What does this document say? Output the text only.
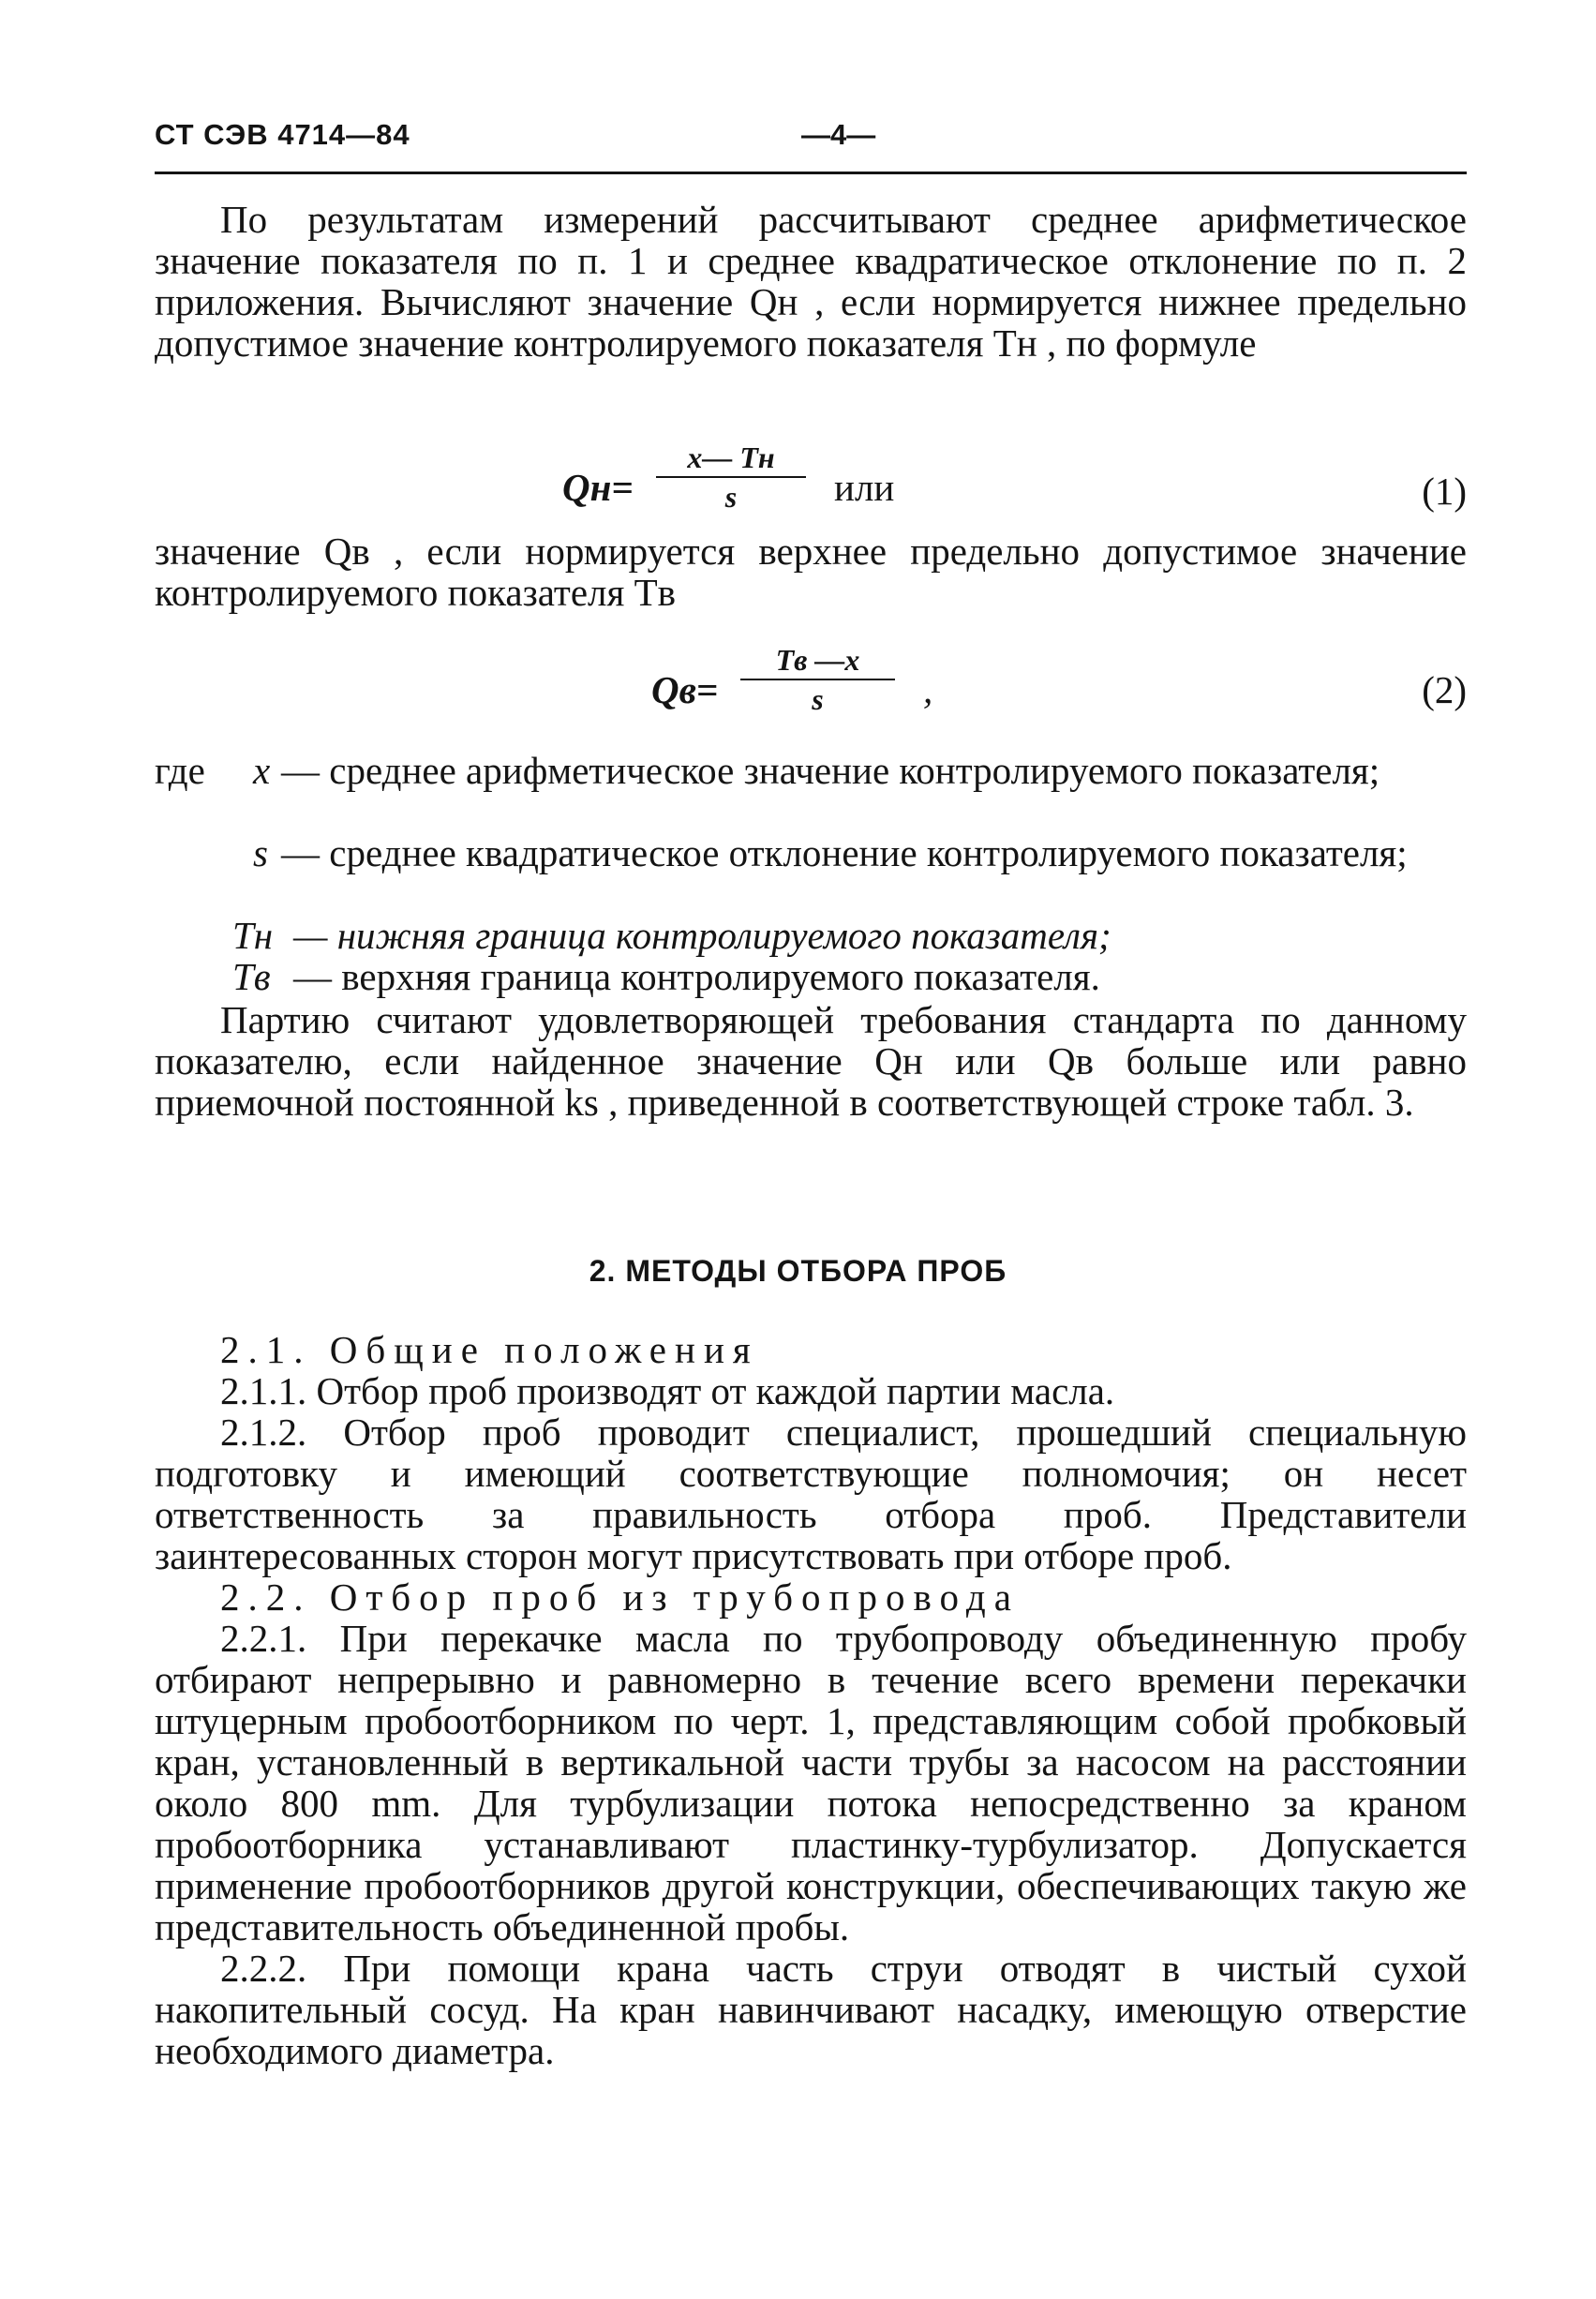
СТ СЭВ 4714—84	—4—

По результатам измерений рассчитывают среднее арифметическое значение показателя по п. 1 и среднее квадратическое отклонение по п. 2 приложения. Вычисляют значение Qн , если нормируется нижнее предельно допустимое значение контролируемого показателя Tн , по формуле

Qн=
x— Tн
s	или	(1)

значение Qв , если нормируется верхнее предельно допустимое значение контролируемого показателя Tв

Qв=
Tв —x
s	,	(2)
где x — среднее арифметическое значение контролируемого показателя;
s — среднее квадратическое отклонение контролируемого показателя;
Tн — нижняя граница контролируемого показателя;
Tв — верхняя граница контролируемого показателя.

Партию считают удовлетворяющей требования стандарта по данному показателю, если найденное значение Qн или Qв больше или равно приемочной постоянной ks , приведенной в соответствующей строке табл. 3.

2. МЕТОДЫ ОТБОРА ПРОБ

2.1. Общие положения

2.1.1. Отбор проб производят от каждой партии масла.

2.1.2. Отбор проб проводит специалист, прошедший специальную подготовку и имеющий соответствующие полномочия; он несет ответственность за правильность отбора проб. Представители заинтересованных сторон могут присутствовать при отборе проб.

2.2. Отбор проб из трубопровода

2.2.1. При перекачке масла по трубопроводу объединенную пробу отбирают непрерывно и равномерно в течение всего времени перекачки штуцерным пробоотборником по черт. 1, представляющим собой пробковый кран, установленный в вертикальной части трубы за насосом на расстоянии около 800 mm. Для турбулизации потока непосредственно за краном пробоотборника устанавливают пластинку-турбулизатор. Допускается применение пробоотборников другой конструкции, обеспечивающих такую же представительность объединенной пробы.

2.2.2. При помощи крана часть струи отводят в чистый сухой накопительный сосуд. На кран навинчивают насадку, имеющую отверстие необходимого диаметра.
